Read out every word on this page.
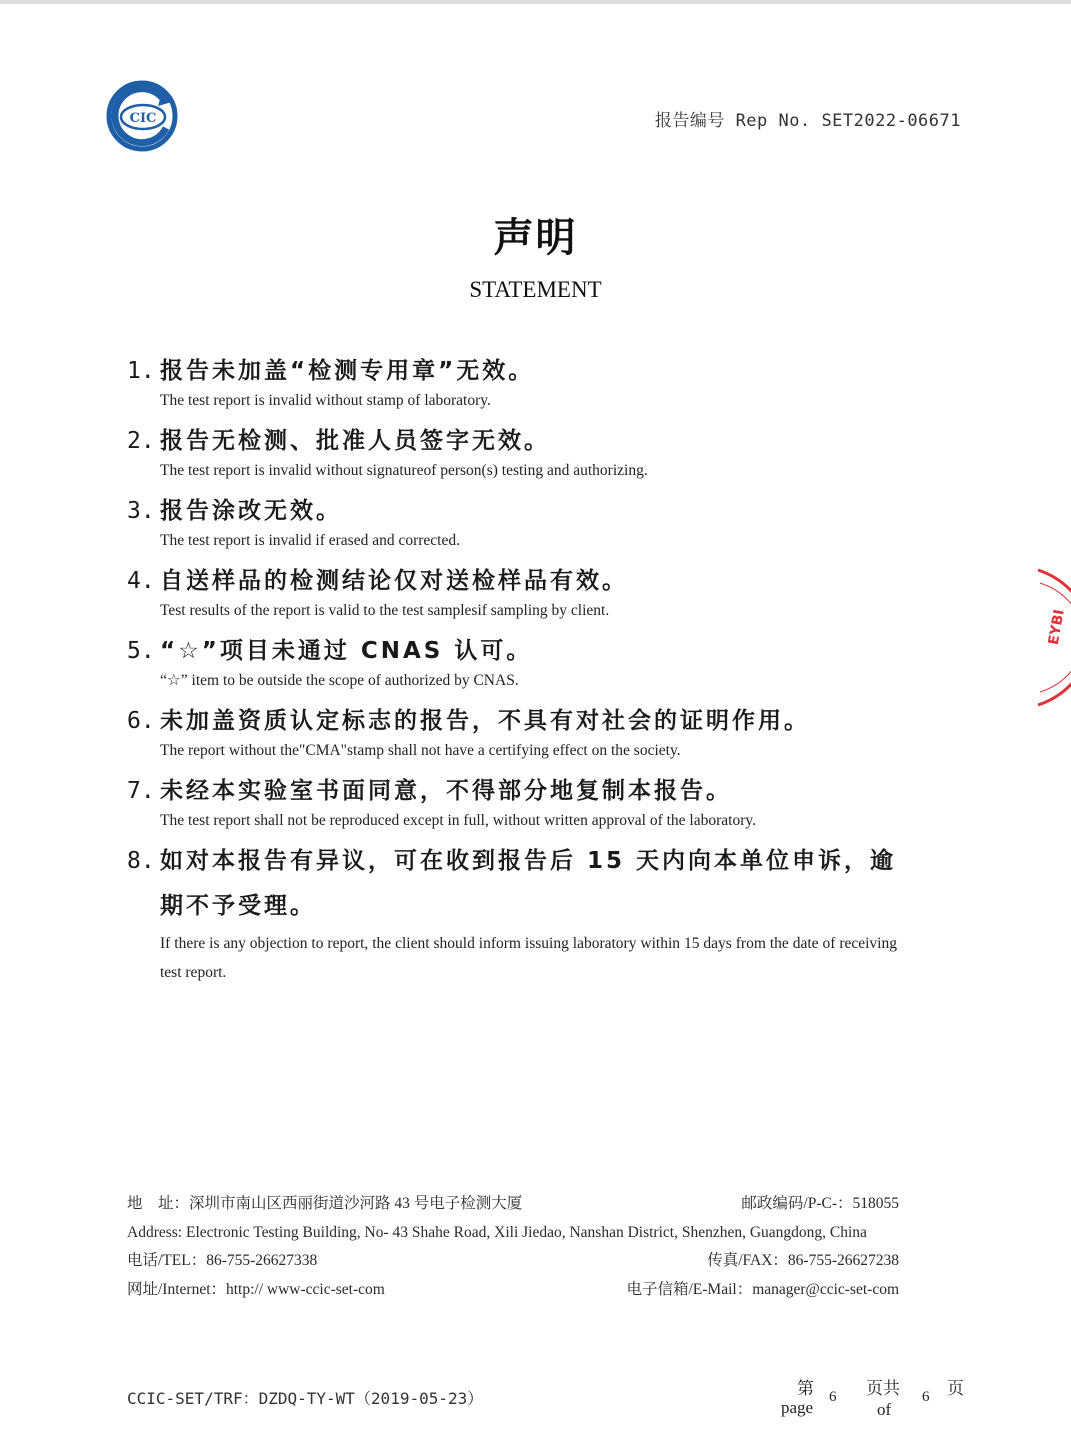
CIC	报告编号 Rep No. SET2022-06671
声明
STATEMENT
1. 报告未加盖“检测专用章”无效。
The test report is invalid without stamp of laboratory.
2. 报告无检测、批准人员签字无效。
The test report is invalid without signatureof person(s) testing and authorizing.
3. 报告涂改无效。
The test report is invalid if erased and corrected.
4. 自送样品的检测结论仅对送检样品有效。
Test results of the report is valid to the test samplesif sampling by client.
5. “☆”项目未通过 CNAS 认可。
“☆” item to be outside the scope of authorized by CNAS.
6. 未加盖资质认定标志的报告，不具有对社会的证明作用。
The report without the"CMA"stamp shall not have a certifying effect on the society.
7. 未经本实验室书面同意，不得部分地复制本报告。
The test report shall not be reproduced except in full, without written approval of the laboratory.
8. 如对本报告有异议，可在收到报告后 15 天内向本单位申诉，逾期不予受理。
If there is any objection to report, the client should inform issuing laboratory within 15 days from the date of receiving test report.
EYBI
地　址：深圳市南山区西丽街道沙河路 43 号电子检测大厦	邮政编码/P-C-：518055
Address: Electronic Testing Building, No- 43 Shahe Road, Xili Jiedao, Nanshan District, Shenzhen, Guangdong, China
电话/TEL：86-755-26627338	传真/FAX：86-755-26627238
网址/Internet：http:// www-ccic-set-com	电子信箱/E-Mail：manager@ccic-set-com
CCIC-SET/TRF：DZDQ-TY-WT（2019-05-23）
第
page
6 页共
of
6 页
